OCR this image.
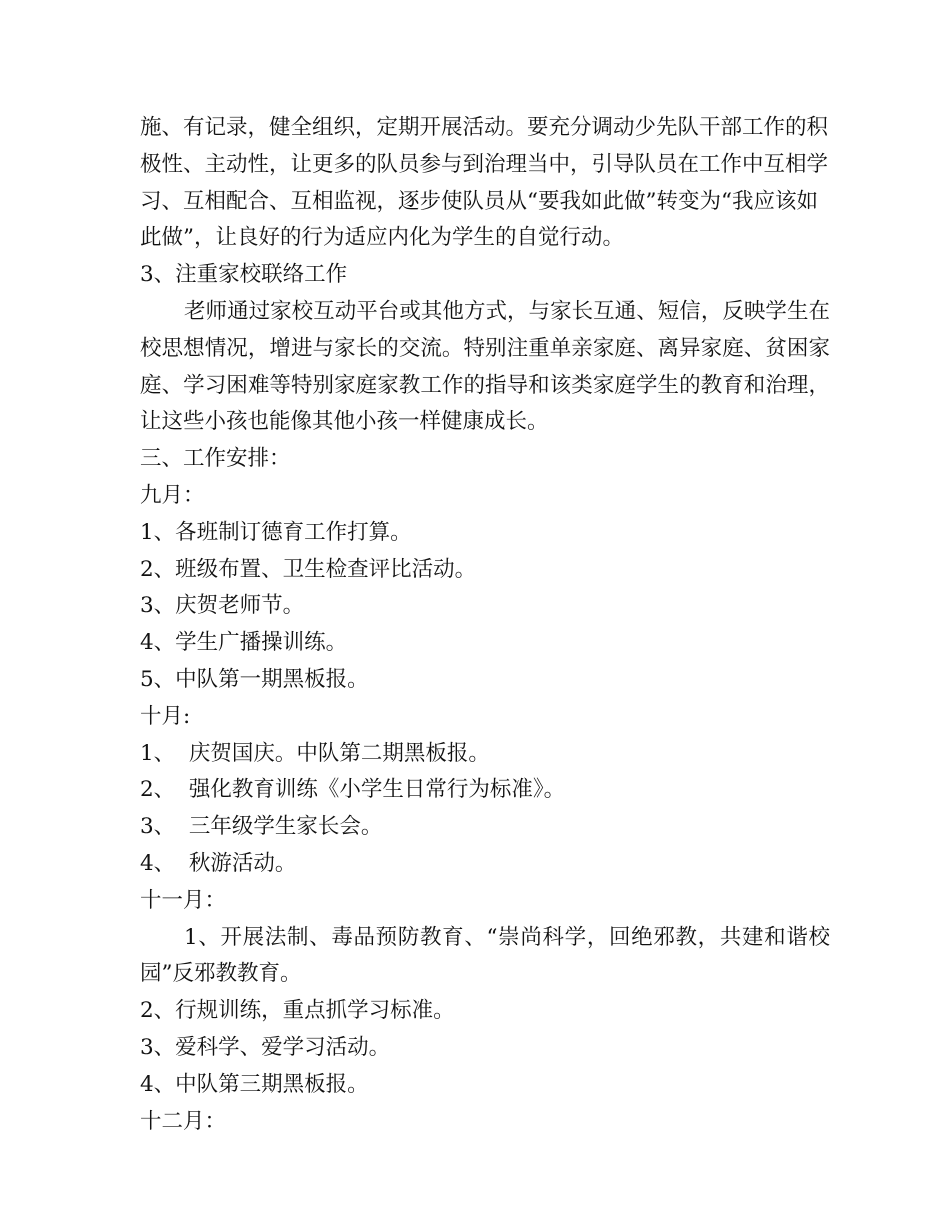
施、有记录，健全组织，定期开展活动。要充分调动少先队干部工作的积极性、主动性，让更多的队员参与到治理当中，引导队员在工作中互相学习、互相配合、互相监视，逐步使队员从“要我如此做”转变为“我应该如此做”，让良好的行为适应内化为学生的自觉行动。

3、注重家校联络工作

老师通过家校互动平台或其他方式，与家长互通、短信，反映学生在校思想情况，增进与家长的交流。特别注重单亲家庭、离异家庭、贫困家庭、学习困难等特别家庭家教工作的指导和该类家庭学生的教育和治理，让这些小孩也能像其他小孩一样健康成长。

三、工作安排：

九月：

1、各班制订德育工作打算。

2、班级布置、卫生检查评比活动。

3、庆贺老师节。

4、学生广播操训练。

5、中队第一期黑板报。

十月:

1、  庆贺国庆。中队第二期黑板报。

2、  强化教育训练《小学生日常行为标准》。

3、  三年级学生家长会。

4、  秋游活动。

十一月：

1、开展法制、毒品预防教育、“崇尚科学，回绝邪教，共建和谐校园”反邪教教育。

2、行规训练，重点抓学习标准。

3、爱科学、爱学习活动。

4、中队第三期黑板报。

十二月：
